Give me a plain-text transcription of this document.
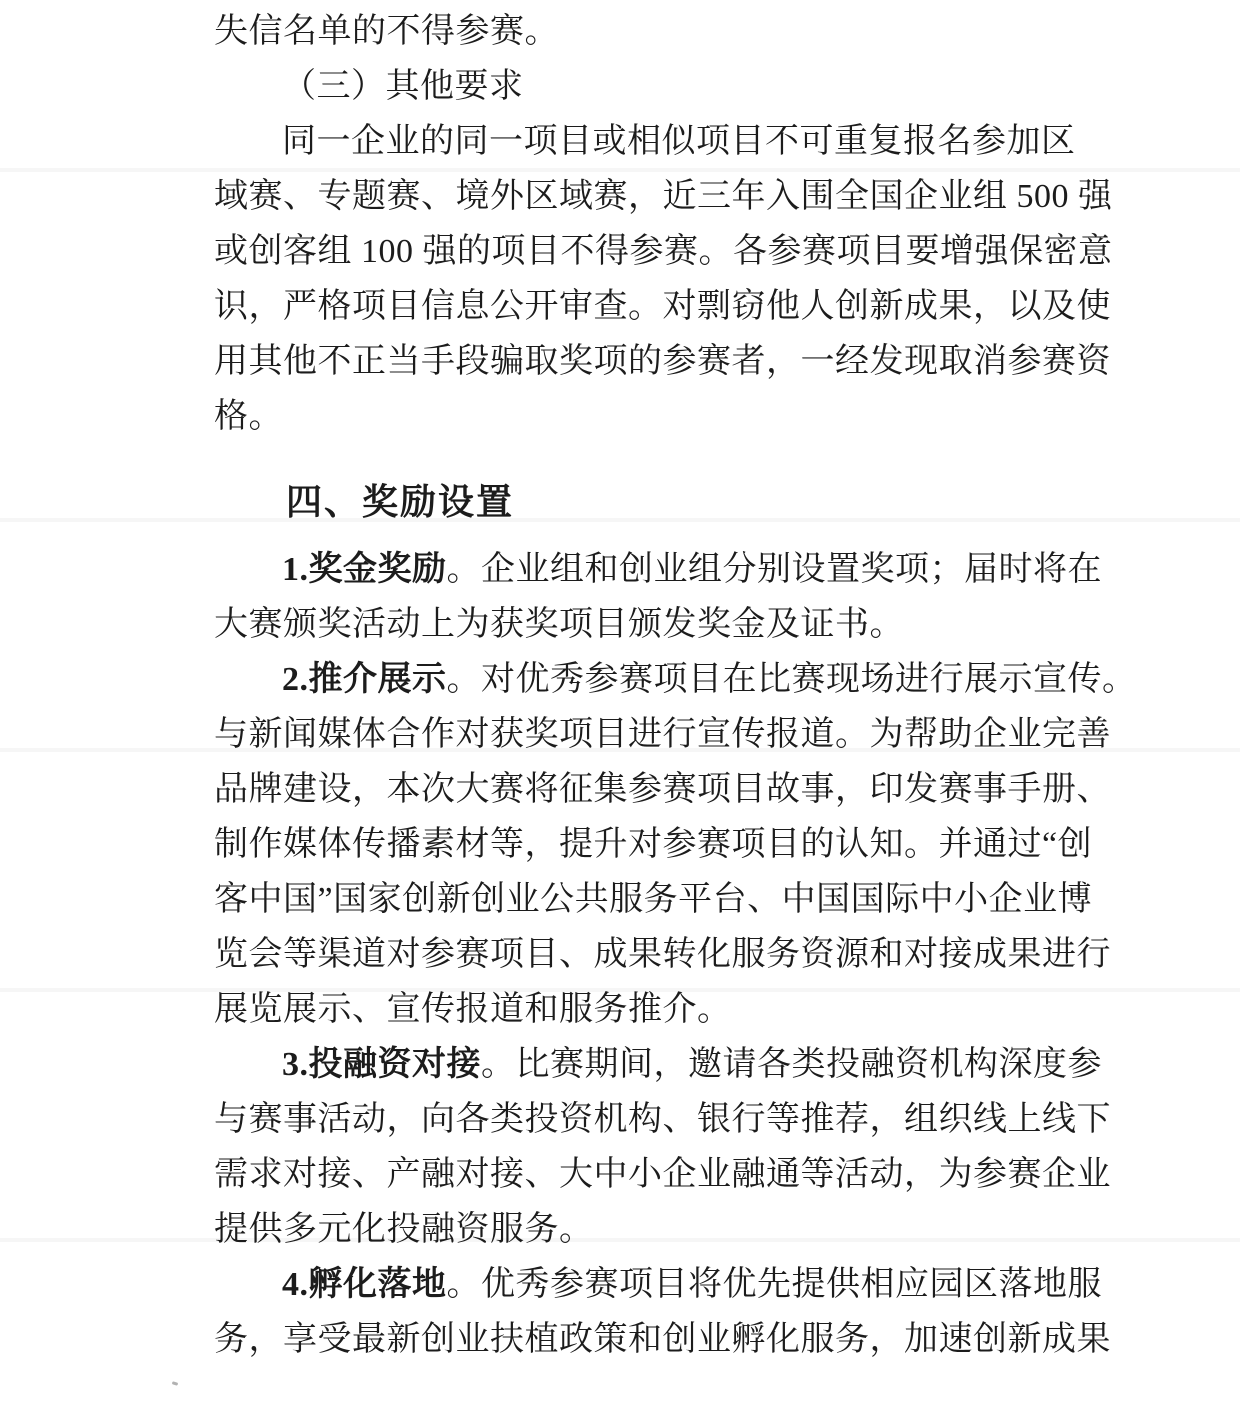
失信名单的不得参赛。
（三）其他要求
同一企业的同一项目或相似项目不可重复报名参加区
域赛、专题赛、境外区域赛，近三年入围全国企业组 500 强
或创客组 100 强的项目不得参赛。各参赛项目要增强保密意
识，严格项目信息公开审查。对剽窃他人创新成果，以及使
用其他不正当手段骗取奖项的参赛者，一经发现取消参赛资
格。
四、奖励设置
1.奖金奖励。企业组和创业组分别设置奖项；届时将在
大赛颁奖活动上为获奖项目颁发奖金及证书。
2.推介展示。对优秀参赛项目在比赛现场进行展示宣传。
与新闻媒体合作对获奖项目进行宣传报道。为帮助企业完善
品牌建设，本次大赛将征集参赛项目故事，印发赛事手册、
制作媒体传播素材等，提升对参赛项目的认知。并通过“创
客中国”国家创新创业公共服务平台、中国国际中小企业博
览会等渠道对参赛项目、成果转化服务资源和对接成果进行
展览展示、宣传报道和服务推介。
3.投融资对接。比赛期间，邀请各类投融资机构深度参
与赛事活动，向各类投资机构、银行等推荐，组织线上线下
需求对接、产融对接、大中小企业融通等活动，为参赛企业
提供多元化投融资服务。
4.孵化落地。优秀参赛项目将优先提供相应园区落地服
务，享受最新创业扶植政策和创业孵化服务，加速创新成果
